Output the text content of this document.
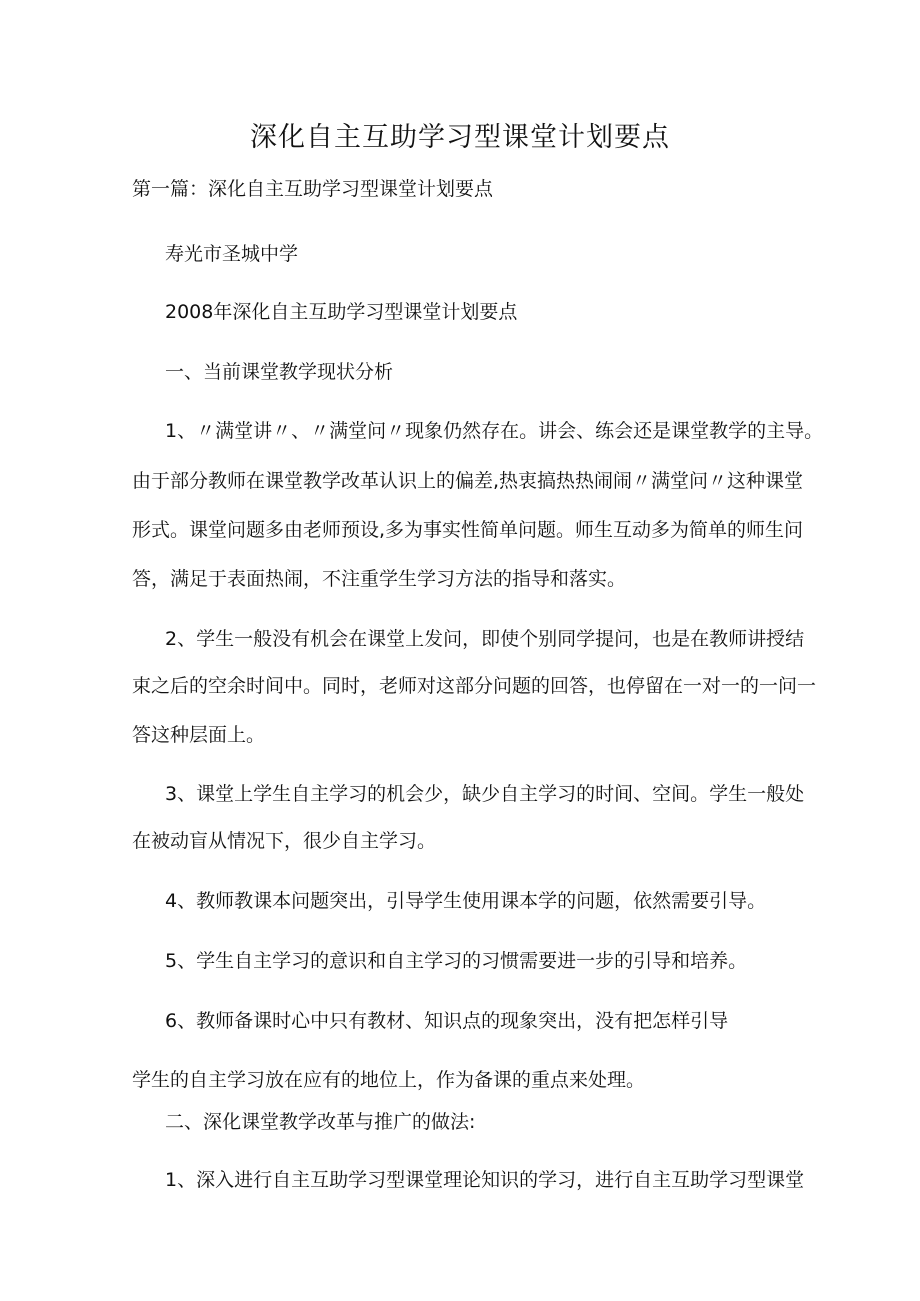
深化自主互助学习型课堂计划要点

第一篇：深化自主互助学习型课堂计划要点

寿光市圣城中学

2008年深化自主互助学习型课堂计划要点

一、当前课堂教学现状分析

1、〃满堂讲〃、〃满堂问〃现象仍然存在。讲会、练会还是课堂教学的主导。

由于部分教师在课堂教学改革认识上的偏差,热衷搞热热闹闹〃满堂问〃这种课堂

形式。课堂问题多由老师预设,多为事实性简单问题。师生互动多为简单的师生问

答，满足于表面热闹，不注重学生学习方法的指导和落实。

2、学生一般没有机会在课堂上发问，即使个别同学提问，也是在教师讲授结

束之后的空余时间中。同时，老师对这部分问题的回答，也停留在一对一的一问一

答这种层面上。

3、课堂上学生自主学习的机会少，缺少自主学习的时间、空间。学生一般处

在被动盲从情况下，很少自主学习。

4、教师教课本问题突出，引导学生使用课本学的问题，依然需要引导。

5、学生自主学习的意识和自主学习的习惯需要进一步的引导和培养。

6、教师备课时心中只有教材、知识点的现象突出，没有把怎样引导

学生的自主学习放在应有的地位上，作为备课的重点来处理。

二、深化课堂教学改革与推广的做法:

1、深入进行自主互助学习型课堂理论知识的学习，进行自主互助学习型课堂
